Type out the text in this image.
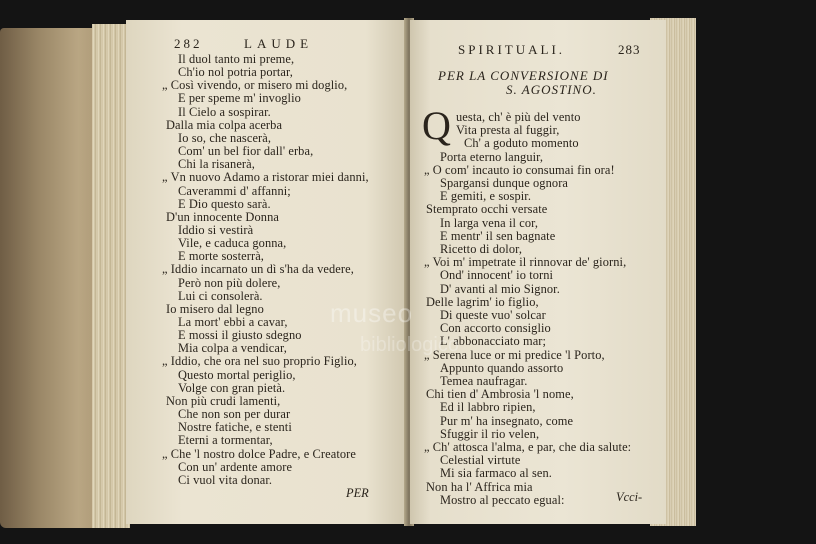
282	LAUDE
Il duol tanto mi preme,
Ch'io nol potria portar,
„ Così vivendo, or misero mi doglio,
E per speme m' invoglio
Il Cielo a sospirar.
Dalla mia colpa acerba
Io so, che nascerà,
Com' un bel fior dall' erba,
Chi la risanerà,
„ Vn nuovo Adamo a ristorar miei danni,
Caverammi d' affanni;
E Dio questo sarà.
D'un innocente Donna
Iddio si vestirà
Vile, e caduca gonna,
E morte sosterrà,
„ Iddio incarnato un dì s'ha da vedere,
Però non più dolere,
Lui ci consolerà.
Io misero dal legno
La mort' ebbi a cavar,
E mossi il giusto sdegno
Mia colpa a vendicar,
„ Iddio, che ora nel suo proprio Figlio,
Questo mortal periglio,
Volge con gran pietà.
Non più crudi lamenti,
Che non son per durar
Nostre fatiche, e stenti
Eterni a tormentar,
„ Che 'l nostro dolce Padre, e Creatore
Con un' ardente amore
Ci vuol vita donar.
PER
SPIRITUALI.	283
PER LA CONVERSIONE DI
S. AGOSTINO.
Q uesta, ch' è più del vento
Vita presta al fuggir,
Ch' a goduto momento
Porta eterno languir,
„ O com' incauto io consumai fin ora!
Spargansi dunque ognora
E gemiti, e sospir.
Stemprato occhi versate
In larga vena il cor,
E mentr' il sen bagnate
Ricetto di dolor,
„ Voi m' impetrate il rinnovar de' giorni,
Ond' innocent' io torni
D' avanti al mio Signor.
Delle lagrim' io figlio,
Di queste vuo' solcar
Con accorto consiglio
L' abbonacciato mar;
„ Serena luce or mi predice 'l Porto,
Appunto quando assorto
Temea naufragar.
Chi tien d' Ambrosia 'l nome,
Ed il labbro ripien,
Pur m' ha insegnato, come
Sfuggir il rio velen,
„ Ch' attosca l'alma, e par, che dia salute:
Celestial virtute
Mi sia farmaco al sen.
Non ha l' Affrica mia
Mostro al peccato egual:	Vcci-
museo
bibliologico
